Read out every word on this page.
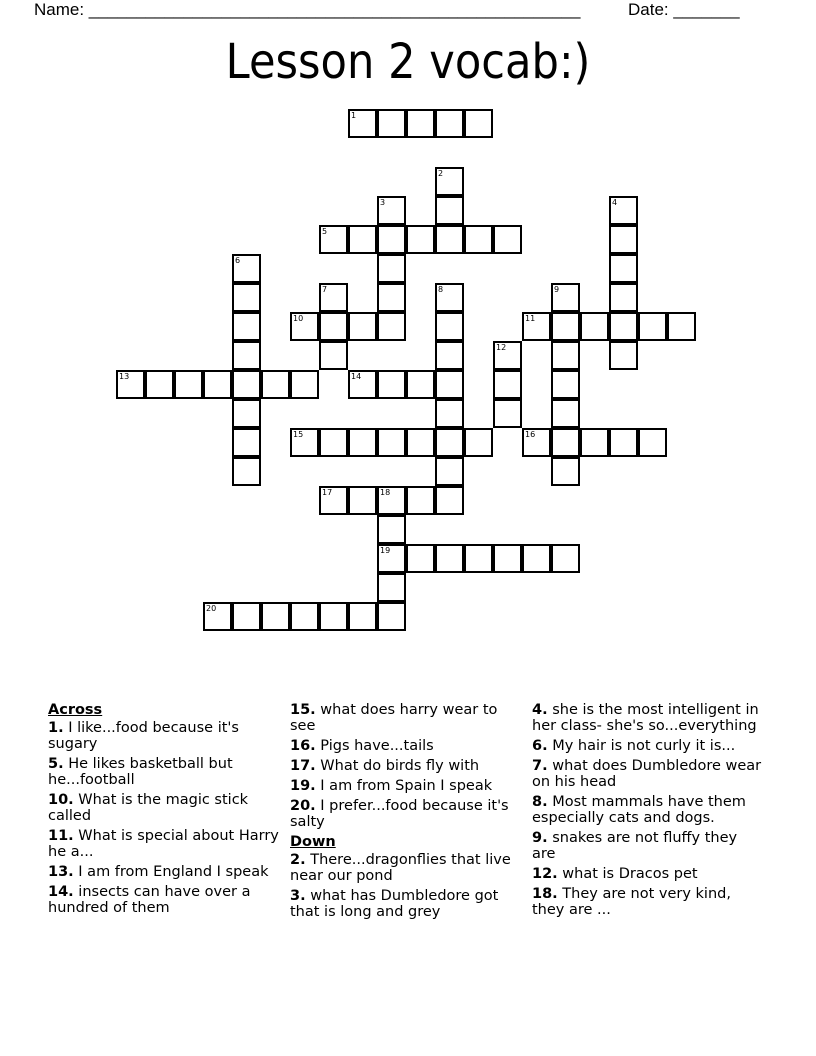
Name: ____________________________________________________	Date: _______
Lesson 2 vocab:)
1
2
3	4
5
6
7	8	9
10	11
12
13	14
15	16
17	18
19
20
Across
1. I like...food because it's sugary
5. He likes basketball but he...football
10. What is the magic stick called
11. What is special about Harry he a...
13. I am from England I speak
14. insects can have over a hundred of them
15. what does harry wear to see
16. Pigs have...tails
17. What do birds fly with
19. I am from Spain I speak
20. I prefer...food because it's salty
Down
2. There...dragonflies that live near our pond
3. what has Dumbledore got that is long and grey
4. she is the most intelligent in her class- she's so...everything
6. My hair is not curly it is...
7. what does Dumbledore wear on his head
8. Most mammals have them especially cats and dogs.
9. snakes are not fluffy they are
12. what is Dracos pet
18. They are not very kind, they are ...
